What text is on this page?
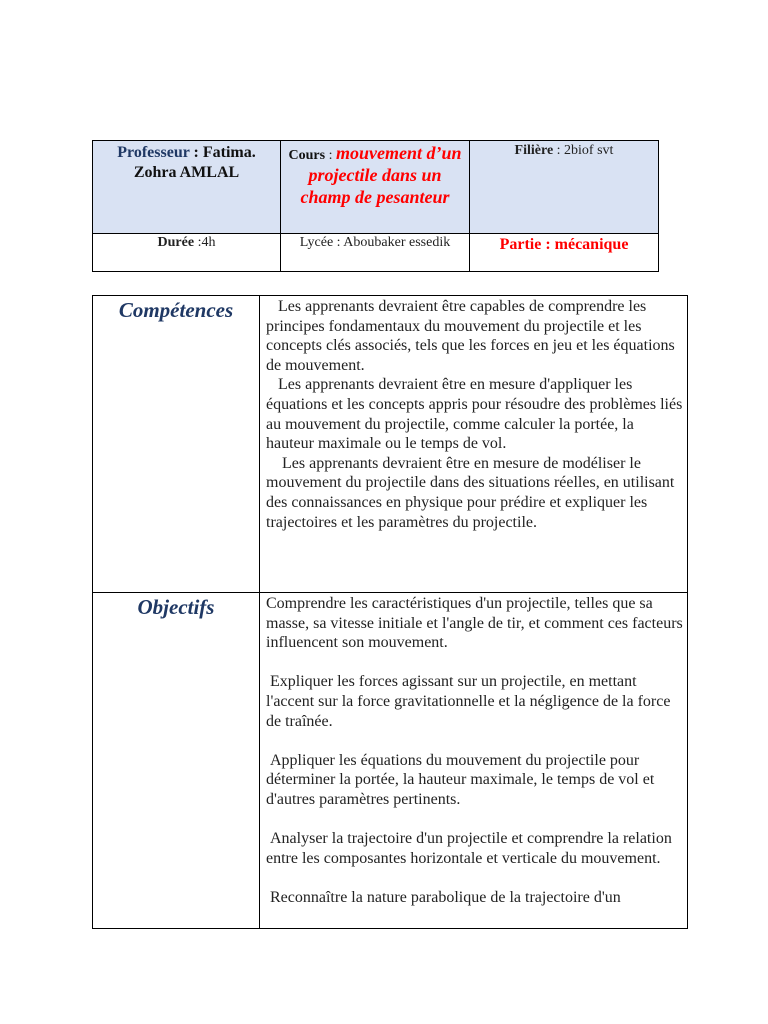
Professeur : Fatima. Zohra AMLAL	Cours : mouvement d’un projectile dans un champ de pesanteur	Filière : 2biof svt
Durée :4h	Lycée : Aboubaker essedik	Partie : mécanique
Compétences	Les apprenants devraient être capables de comprendre les principes fondamentaux du mouvement du projectile et les concepts clés associés, tels que les forces en jeu et les équations de mouvement.

Les apprenants devraient être en mesure d'appliquer les équations et les concepts appris pour résoudre des problèmes liés au mouvement du projectile, comme calculer la portée, la hauteur maximale ou le temps de vol.

Les apprenants devraient être en mesure de modéliser le mouvement du projectile dans des situations réelles, en utilisant des connaissances en physique pour prédire et expliquer les trajectoires et les paramètres du projectile.

Objectifs	Comprendre les caractéristiques d'un projectile, telles que sa masse, sa vitesse initiale et l'angle de tir, et comment ces facteurs influencent son mouvement.

Expliquer les forces agissant sur un projectile, en mettant l'accent sur la force gravitationnelle et la négligence de la force de traînée.

Appliquer les équations du mouvement du projectile pour déterminer la portée, la hauteur maximale, le temps de vol et d'autres paramètres pertinents.

Analyser la trajectoire d'un projectile et comprendre la relation entre les composantes horizontale et verticale du mouvement.

Reconnaître la nature parabolique de la trajectoire d'un
